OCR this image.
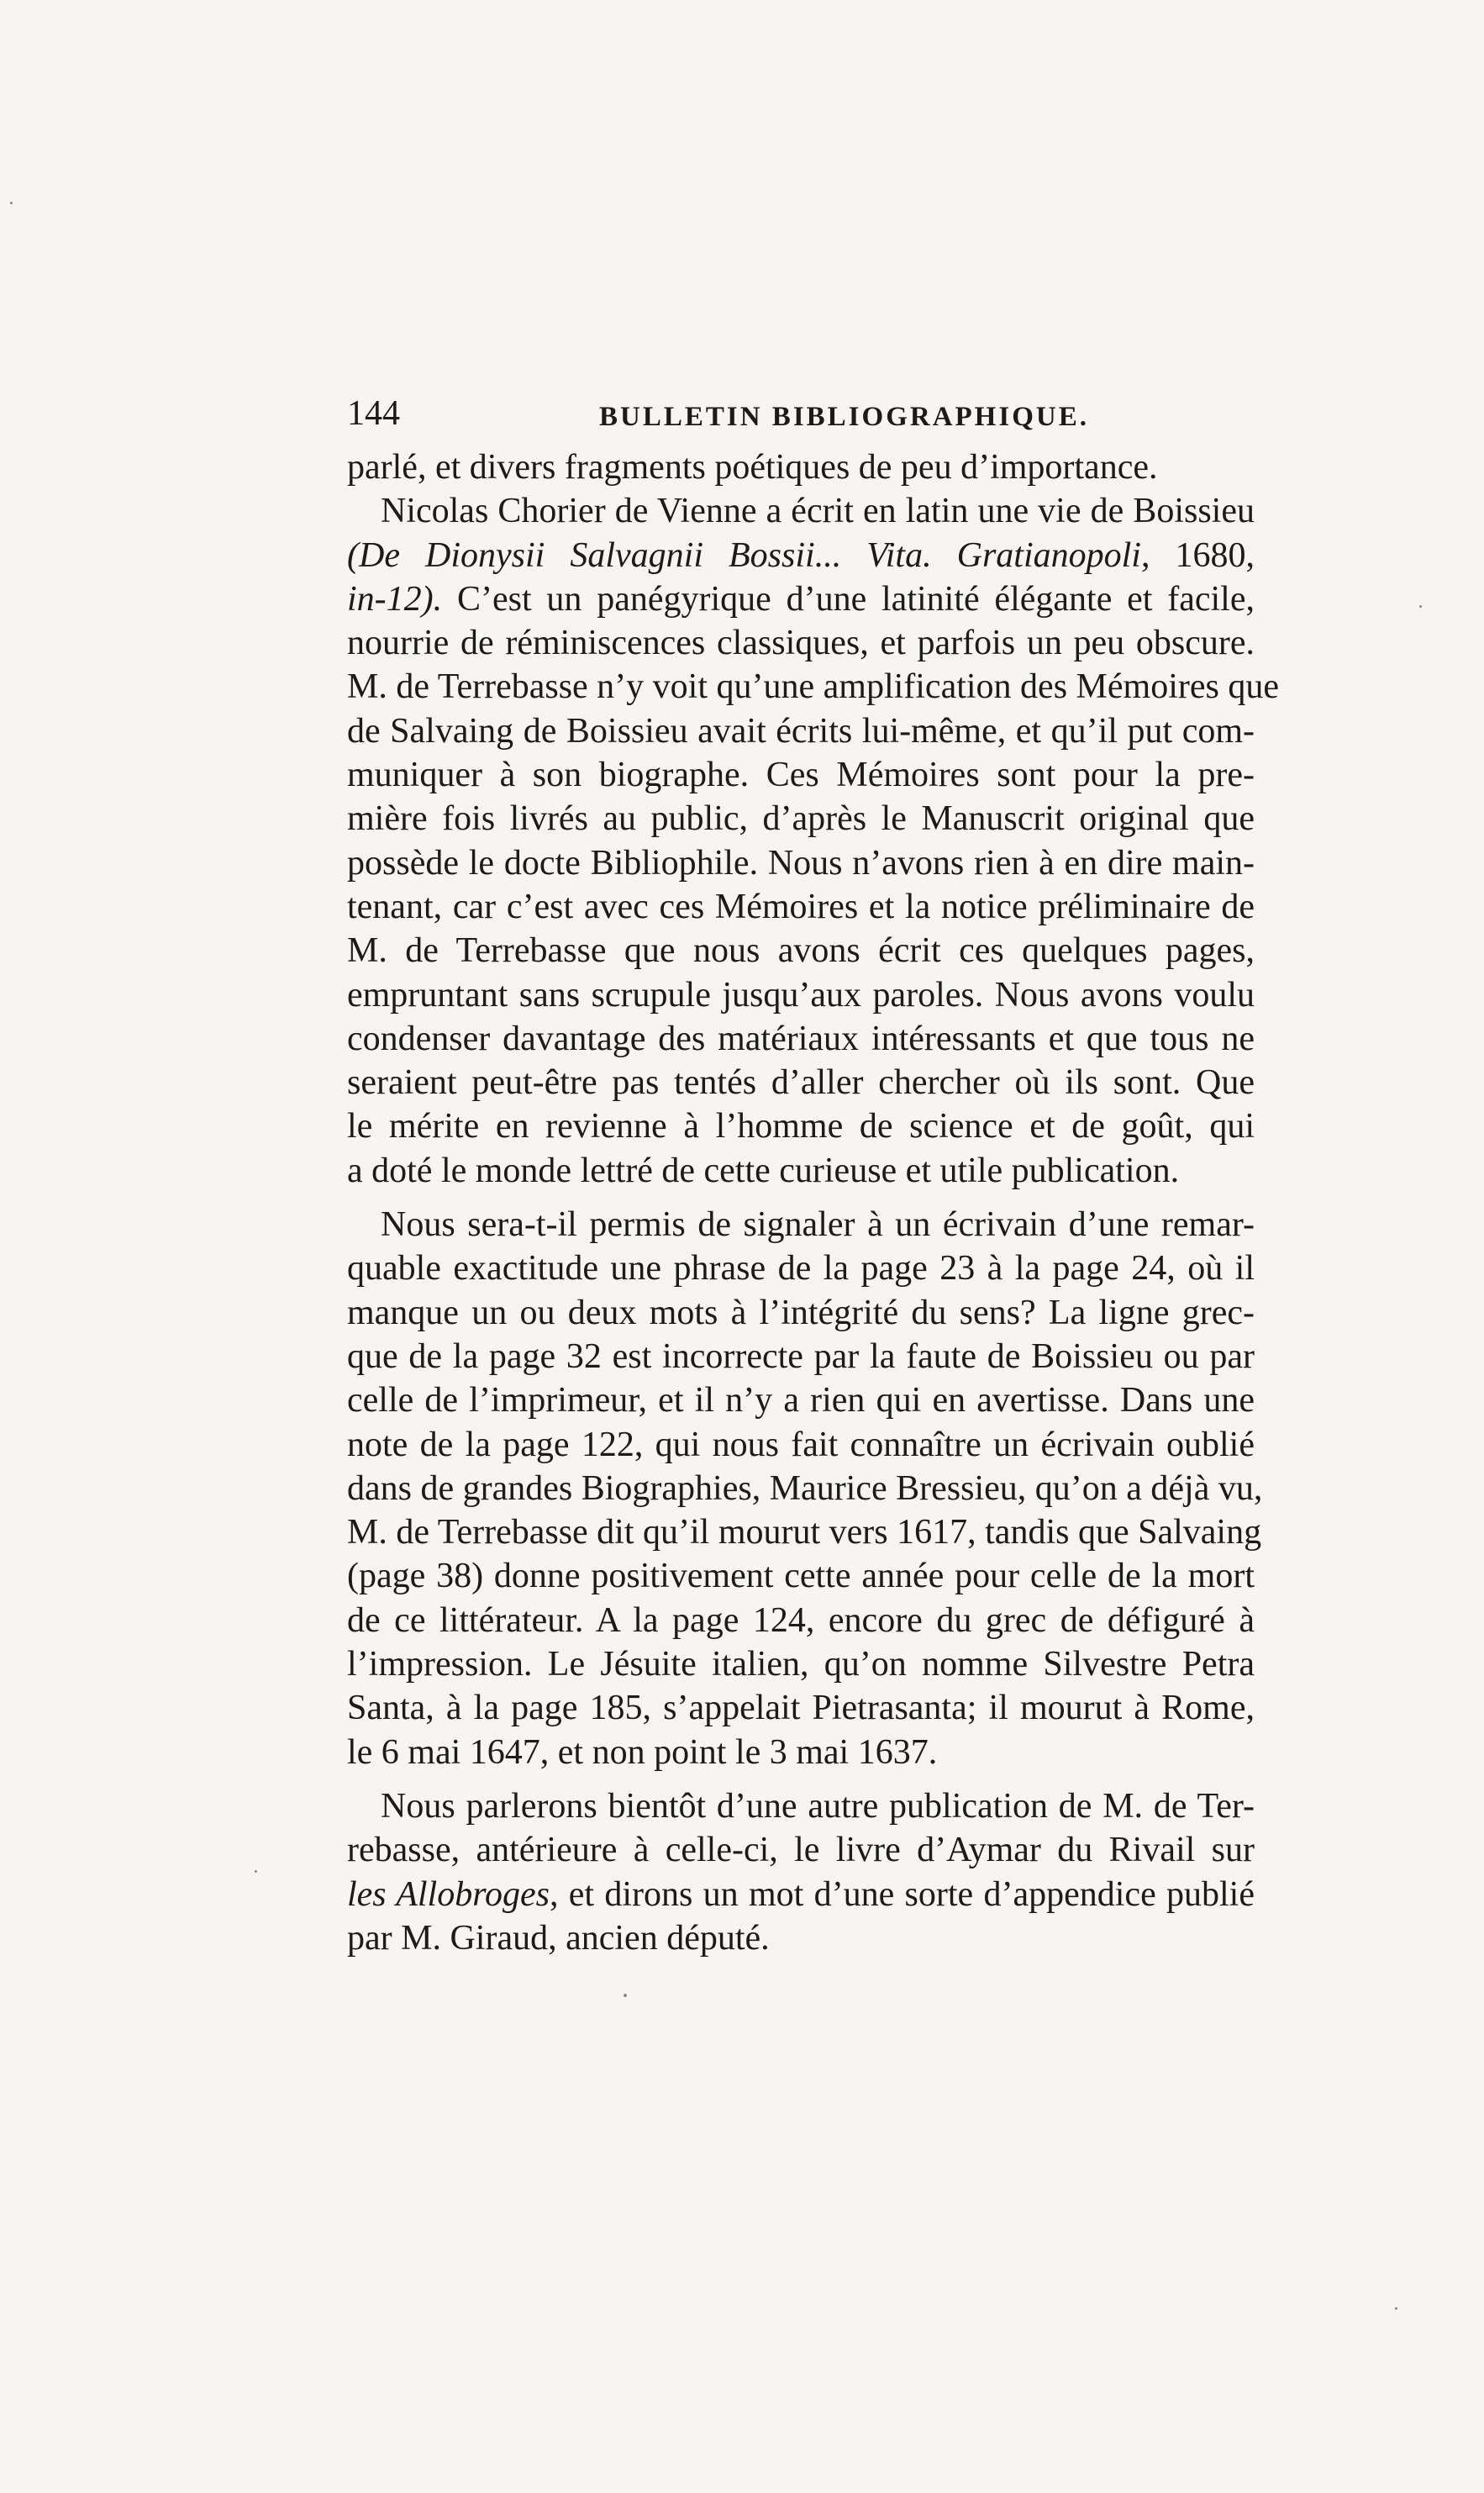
144	BULLETIN BIBLIOGRAPHIQUE.
parlé, et divers fragments poétiques de peu d’importance.
Nicolas Chorier de Vienne a écrit en latin une vie de Boissieu
(De Dionysii Salvagnii Bossii... Vita. Gratianopoli, 1680,
in-12). C’est un panégyrique d’une latinité élégante et facile,
nourrie de réminiscences classiques, et parfois un peu obscure.
M. de Terrebasse n’y voit qu’une amplification des Mémoires que
de Salvaing de Boissieu avait écrits lui-même, et qu’il put com-
muniquer à son biographe. Ces Mémoires sont pour la pre-
mière fois livrés au public, d’après le Manuscrit original que
possède le docte Bibliophile. Nous n’avons rien à en dire main-
tenant, car c’est avec ces Mémoires et la notice préliminaire de
M. de Terrebasse que nous avons écrit ces quelques pages,
empruntant sans scrupule jusqu’aux paroles. Nous avons voulu
condenser davantage des matériaux intéressants et que tous ne
seraient peut-être pas tentés d’aller chercher où ils sont. Que
le mérite en revienne à l’homme de science et de goût, qui
a doté le monde lettré de cette curieuse et utile publication.
Nous sera-t-il permis de signaler à un écrivain d’une remar-
quable exactitude une phrase de la page 23 à la page 24, où il
manque un ou deux mots à l’intégrité du sens? La ligne grec-
que de la page 32 est incorrecte par la faute de Boissieu ou par
celle de l’imprimeur, et il n’y a rien qui en avertisse. Dans une
note de la page 122, qui nous fait connaître un écrivain oublié
dans de grandes Biographies, Maurice Bressieu, qu’on a déjà vu,
M. de Terrebasse dit qu’il mourut vers 1617, tandis que Salvaing
(page 38) donne positivement cette année pour celle de la mort
de ce littérateur. A la page 124, encore du grec de défiguré à
l’impression. Le Jésuite italien, qu’on nomme Silvestre Petra
Santa, à la page 185, s’appelait Pietrasanta; il mourut à Rome,
le 6 mai 1647, et non point le 3 mai 1637.
Nous parlerons bientôt d’une autre publication de M. de Ter-
rebasse, antérieure à celle-ci, le livre d’Aymar du Rivail sur
les Allobroges, et dirons un mot d’une sorte d’appendice publié
par M. Giraud, ancien député.
